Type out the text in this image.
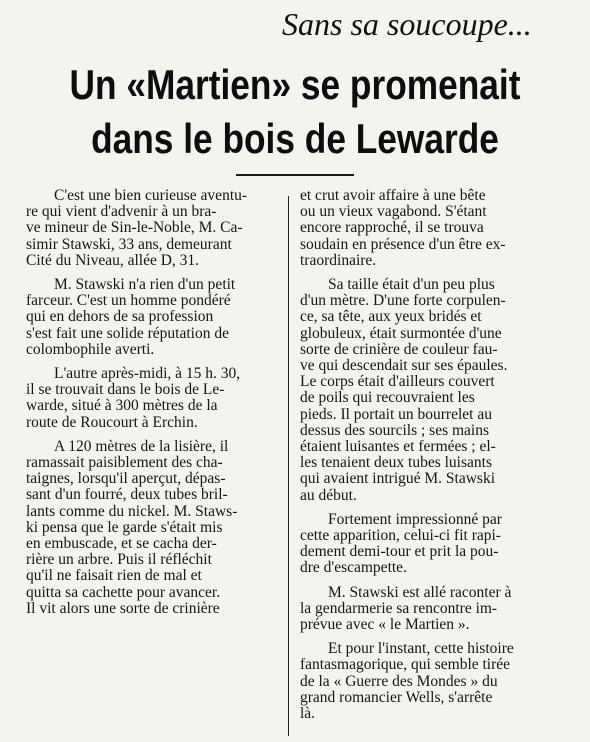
Sans sa soucoupe...
Un «Martien» se promenait
dans le bois de Lewarde
C'est une bien curieuse aventu-
re qui vient d'advenir à un bra-
ve mineur de Sin-le-Noble, M. Ca-
simir Stawski, 33 ans, demeurant
Cité du Niveau, allée D, 31.
M. Stawski n'a rien d'un petit
farceur. C'est un homme pondéré
qui en dehors de sa profession
s'est fait une solide réputation de
colombophile averti.
L'autre après-midi, à 15 h. 30,
il se trouvait dans le bois de Le-
warde, situé à 300 mètres de la
route de Roucourt à Erchin.
A 120 mètres de la lisière, il
ramassait paisiblement des cha-
taignes, lorsqu'il aperçut, dépas-
sant d'un fourré, deux tubes bril-
lants comme du nickel. M. Staws-
ki pensa que le garde s'était mis
en embuscade, et se cacha der-
rière un arbre. Puis il réfléchit
qu'il ne faisait rien de mal et
quitta sa cachette pour avancer.
Il vit alors une sorte de crinière
et crut avoir affaire à une bête
ou un vieux vagabond. S'étant
encore rapproché, il se trouva
soudain en présence d'un être ex-
traordinaire.
Sa taille était d'un peu plus
d'un mètre. D'une forte corpulen-
ce, sa tête, aux yeux bridés et
globuleux, était surmontée d'une
sorte de crinière de couleur fau-
ve qui descendait sur ses épaules.
Le corps était d'ailleurs couvert
de poils qui recouvraient les
pieds. Il portait un bourrelet au
dessus des sourcils ; ses mains
étaient luisantes et fermées ; el-
les tenaient deux tubes luisants
qui avaient intrigué M. Stawski
au début.
Fortement impressionné par
cette apparition, celui-ci fit rapi-
dement demi-tour et prit la pou-
dre d'escampette.
M. Stawski est allé raconter à
la gendarmerie sa rencontre im-
prévue avec « le Martien ».
Et pour l'instant, cette histoire
fantasmagorique, qui semble tirée
de la « Guerre des Mondes » du
grand romancier Wells, s'arrête
là.
